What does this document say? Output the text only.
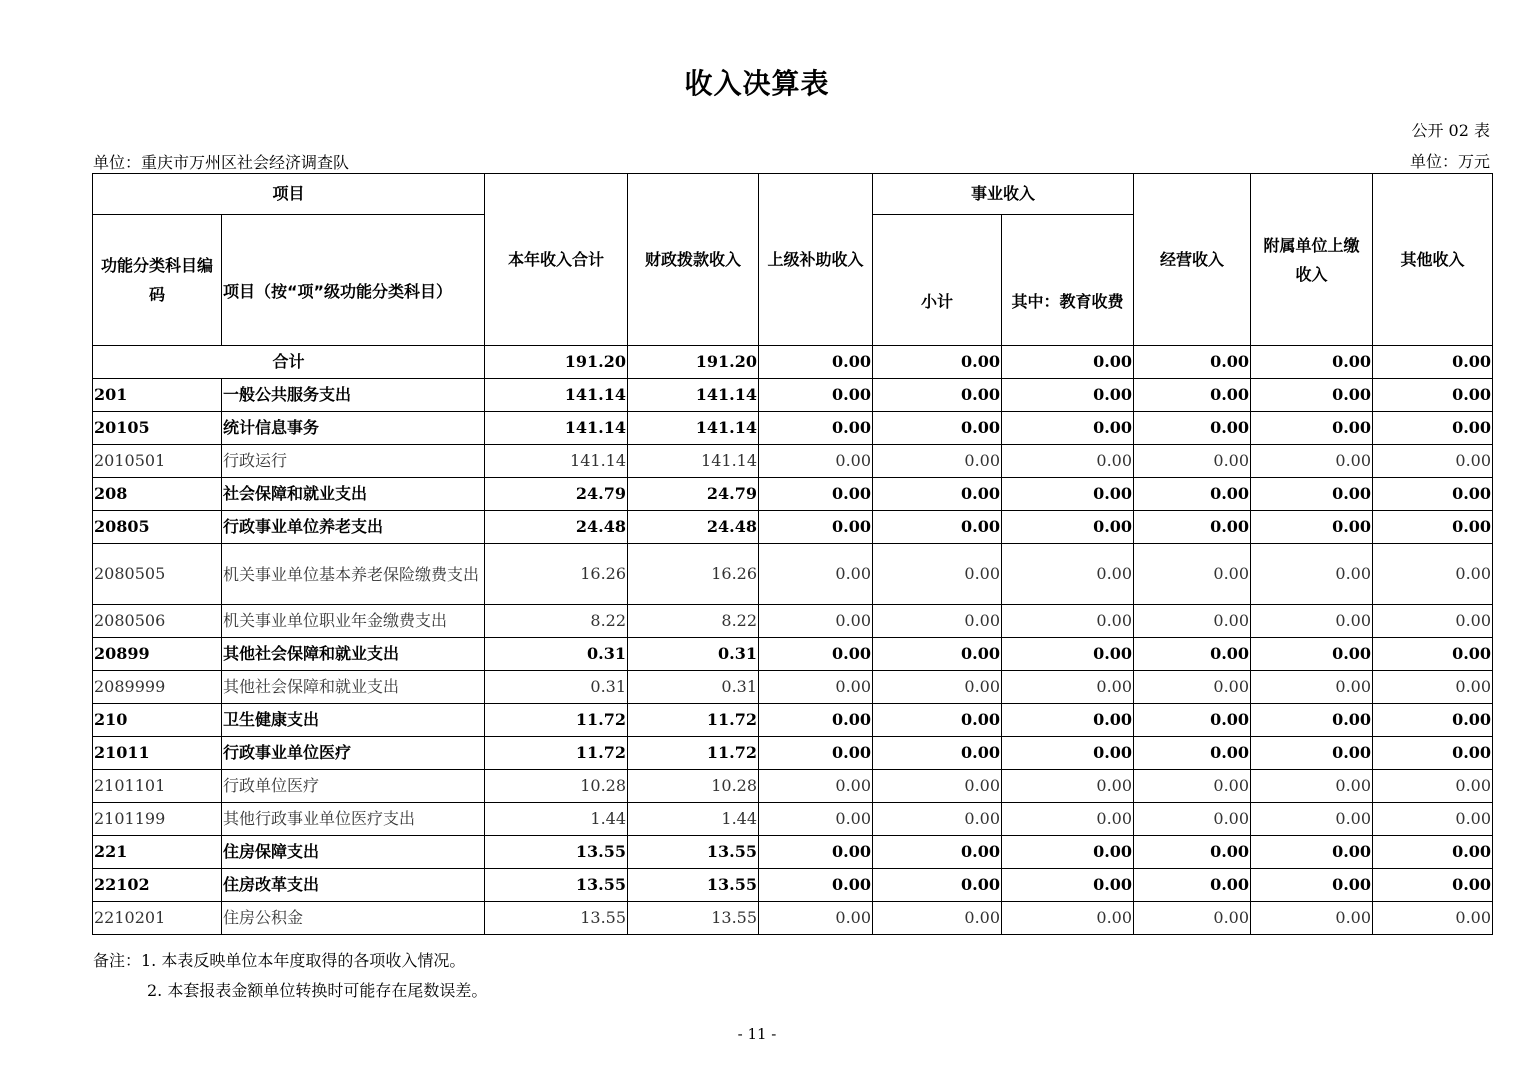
收入决算表
公开 02 表
单位：重庆市万州区社会经济调查队	单位：万元
项目		本年收入合计	财政拨款收入	上级补助收入	事业收入		经营收入	附属单位上缴收入	其他收入
功能分类科目编码	项目（按“项”级功能分类科目）				小计	其中：教育收费			
合计		191.20	191.20	0.00	0.00	0.00	0.00	0.00	0.00
201	一般公共服务支出	141.14	141.14	0.00	0.00	0.00	0.00	0.00	0.00
20105	统计信息事务	141.14	141.14	0.00	0.00	0.00	0.00	0.00	0.00
2010501	行政运行	141.14	141.14	0.00	0.00	0.00	0.00	0.00	0.00
208	社会保障和就业支出	24.79	24.79	0.00	0.00	0.00	0.00	0.00	0.00
20805	行政事业单位养老支出	24.48	24.48	0.00	0.00	0.00	0.00	0.00	0.00
2080505	机关事业单位基本养老保险缴费支出	16.26	16.26	0.00	0.00	0.00	0.00	0.00	0.00
2080506	机关事业单位职业年金缴费支出	8.22	8.22	0.00	0.00	0.00	0.00	0.00	0.00
20899	其他社会保障和就业支出	0.31	0.31	0.00	0.00	0.00	0.00	0.00	0.00
2089999	其他社会保障和就业支出	0.31	0.31	0.00	0.00	0.00	0.00	0.00	0.00
210	卫生健康支出	11.72	11.72	0.00	0.00	0.00	0.00	0.00	0.00
21011	行政事业单位医疗	11.72	11.72	0.00	0.00	0.00	0.00	0.00	0.00
2101101	行政单位医疗	10.28	10.28	0.00	0.00	0.00	0.00	0.00	0.00
2101199	其他行政事业单位医疗支出	1.44	1.44	0.00	0.00	0.00	0.00	0.00	0.00
221	住房保障支出	13.55	13.55	0.00	0.00	0.00	0.00	0.00	0.00
22102	住房改革支出	13.55	13.55	0.00	0.00	0.00	0.00	0.00	0.00
2210201	住房公积金	13.55	13.55	0.00	0.00	0.00	0.00	0.00	0.00
备注：1. 本表反映单位本年度取得的各项收入情况。
2. 本套报表金额单位转换时可能存在尾数误差。
- 11 -
